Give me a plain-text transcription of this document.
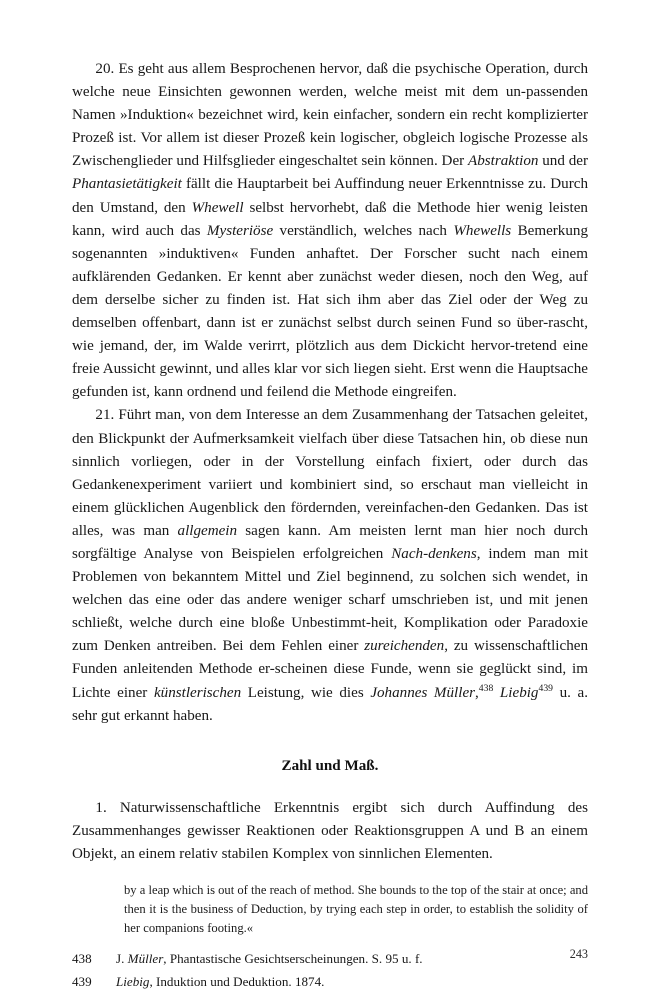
20. Es geht aus allem Besprochenen hervor, daß die psychische Operation, durch welche neue Einsichten gewonnen werden, welche meist mit dem un-passenden Namen »Induktion« bezeichnet wird, kein einfacher, sondern ein recht komplizierter Prozeß ist. Vor allem ist dieser Prozeß kein logischer, obgleich logische Prozesse als Zwischenglieder und Hilfsglieder eingeschaltet sein können. Der Abstraktion und der Phantasietätigkeit fällt die Hauptarbeit bei Auffindung neuer Erkenntnisse zu. Durch den Umstand, den Whewell selbst hervorhebt, daß die Methode hier wenig leisten kann, wird auch das Mysteriöse verständlich, welches nach Whewells Bemerkung sogenannten »induktiven« Funden anhaftet. Der Forscher sucht nach einem aufklärenden Gedanken. Er kennt aber zunächst weder diesen, noch den Weg, auf dem derselbe sicher zu finden ist. Hat sich ihm aber das Ziel oder der Weg zu demselben offenbart, dann ist er zunächst selbst durch seinen Fund so über-rascht, wie jemand, der, im Walde verirrt, plötzlich aus dem Dickicht hervor-tretend eine freie Aussicht gewinnt, und alles klar vor sich liegen sieht. Erst wenn die Hauptsache gefunden ist, kann ordnend und feilend die Methode eingreifen.

21. Führt man, von dem Interesse an dem Zusammenhang der Tatsachen geleitet, den Blickpunkt der Aufmerksamkeit vielfach über diese Tatsachen hin, ob diese nun sinnlich vorliegen, oder in der Vorstellung einfach fixiert, oder durch das Gedankenexperiment variiert und kombiniert sind, so erschaut man vielleicht in einem glücklichen Augenblick den fördernden, vereinfachen-den Gedanken. Das ist alles, was man allgemein sagen kann. Am meisten lernt man hier noch durch sorgfältige Analyse von Beispielen erfolgreichen Nach-denkens, indem man mit Problemen von bekanntem Mittel und Ziel beginnend, zu solchen sich wendet, in welchen das eine oder das andere weniger scharf umschrieben ist, und mit jenen schließt, welche durch eine bloße Unbestimmt-heit, Komplikation oder Paradoxie zum Denken antreiben. Bei dem Fehlen einer zureichenden, zu wissenschaftlichen Funden anleitenden Methode er-scheinen diese Funde, wenn sie geglückt sind, im Lichte einer künstlerischen Leistung, wie dies Johannes Müller,$^{438}$ Liebig$^{439}$ u. a. sehr gut erkannt haben.

Zahl und Maß.

1. Naturwissenschaftliche Erkenntnis ergibt sich durch Auffindung des Zusammenhanges gewisser Reaktionen oder Reaktionsgruppen A und B an einem Objekt, an einem relativ stabilen Komplex von sinnlichen Elementen.

by a leap which is out of the reach of method. She bounds to the top of the stair at once; and then it is the business of Deduction, by trying each step in order, to establish the solidity of her companions footing.«
438	J. Müller, Phantastische Gesichtserscheinungen. S. 95 u. f.
439	Liebig, Induktion und Deduktion. 1874.
243
